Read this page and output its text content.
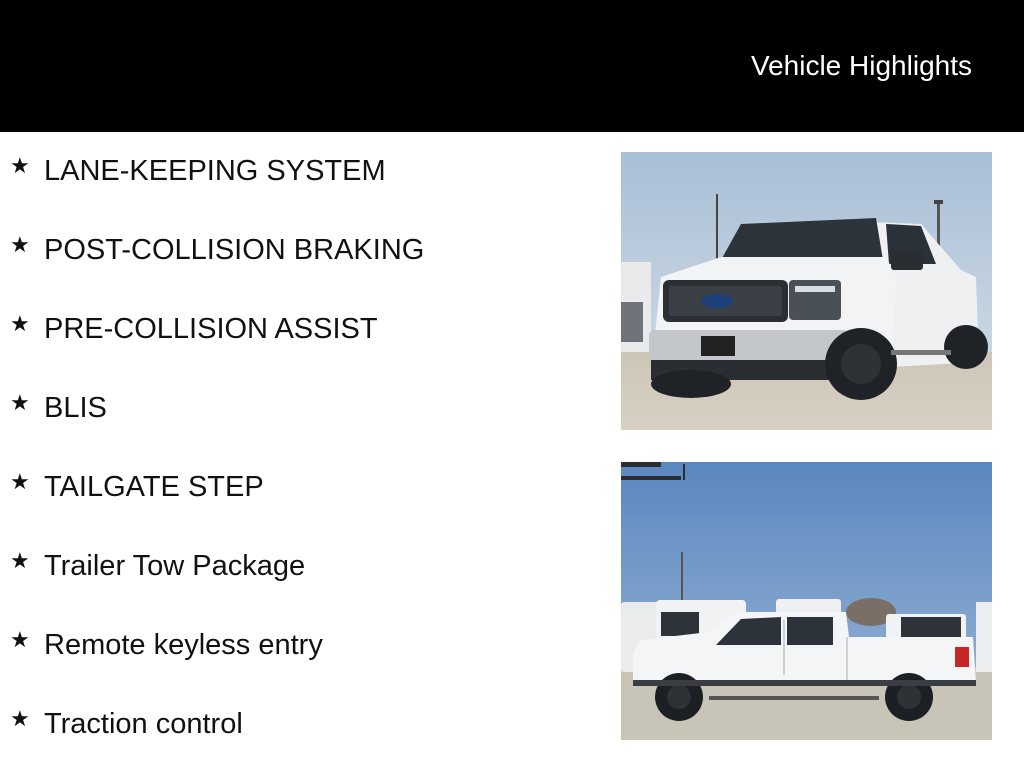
Vehicle Highlights
★ LANE-KEEPING SYSTEM
★ POST-COLLISION BRAKING
★ PRE-COLLISION ASSIST
★ BLIS
★ TAILGATE STEP
★ Trailer Tow Package
★ Remote keyless entry
★ Traction control
